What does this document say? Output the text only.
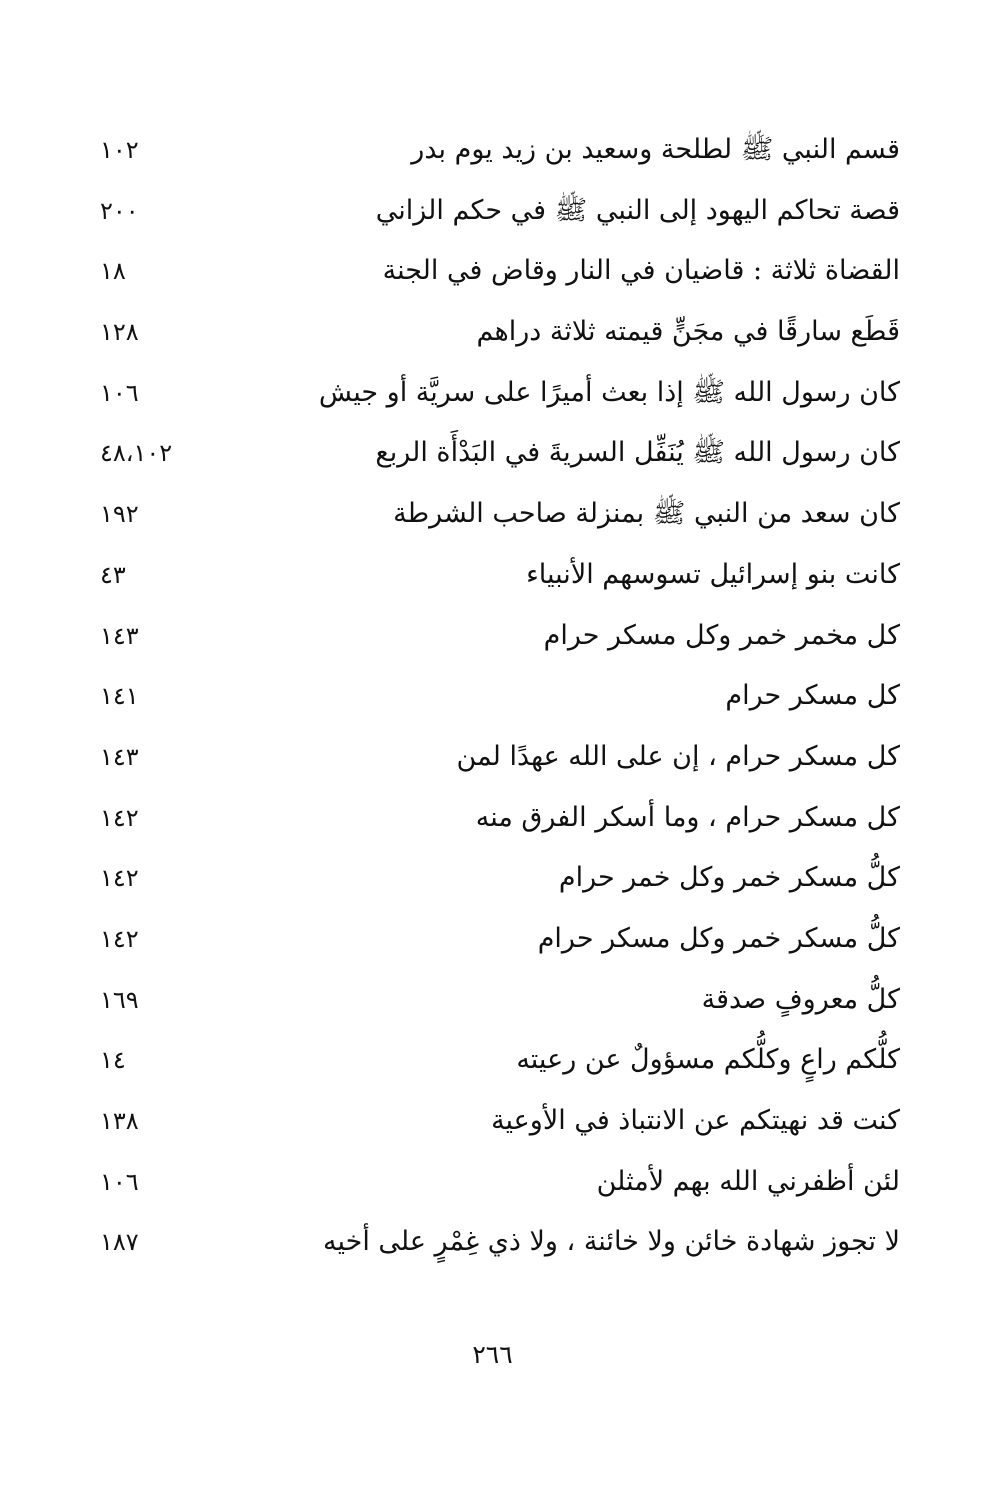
قسم النبي ﷺ لطلحة وسعيد بن زيد يوم بدر
١٠٢
قصة تحاكم اليهود إلى النبي ﷺ في حكم الزاني
٢٠٠
القضاة ثلاثة : قاضيان في النار وقاض في الجنة
١٨
قَطَع سارقًا في مجَنٍّ قيمته ثلاثة دراهم
١٢٨
كان رسول الله ﷺ إذا بعث أميرًا على سريَّة أو جيش
١٠٦
كان رسول الله ﷺ يُنَفِّل السريةَ في البَدْأَة الربع
٤٨،١٠٢
كان سعد من النبي ﷺ بمنزلة صاحب الشرطة
١٩٢
كانت بنو إسرائيل تسوسهم الأنبياء
٤٣
كل مخمر خمر وكل مسكر حرام
١٤٣
كل مسكر حرام
١٤١
كل مسكر حرام ، إن على الله عهدًا لمن
١٤٣
كل مسكر حرام ، وما أسكر الفرق منه
١٤٢
كلُّ مسكر خمر وكل خمر حرام
١٤٢
كلُّ مسكر خمر وكل مسكر حرام
١٤٢
كلُّ معروفٍ صدقة
١٦٩
كلُّكم راعٍ وكلُّكم مسؤولٌ عن رعيته
١٤
كنت قد نهيتكم عن الانتباذ في الأوعية
١٣٨
لئن أظفرني الله بهم لأمثلن
١٠٦
لا تجوز شهادة خائن ولا خائنة ، ولا ذي غِمْرٍ على أخيه
١٨٧
٢٦٦
